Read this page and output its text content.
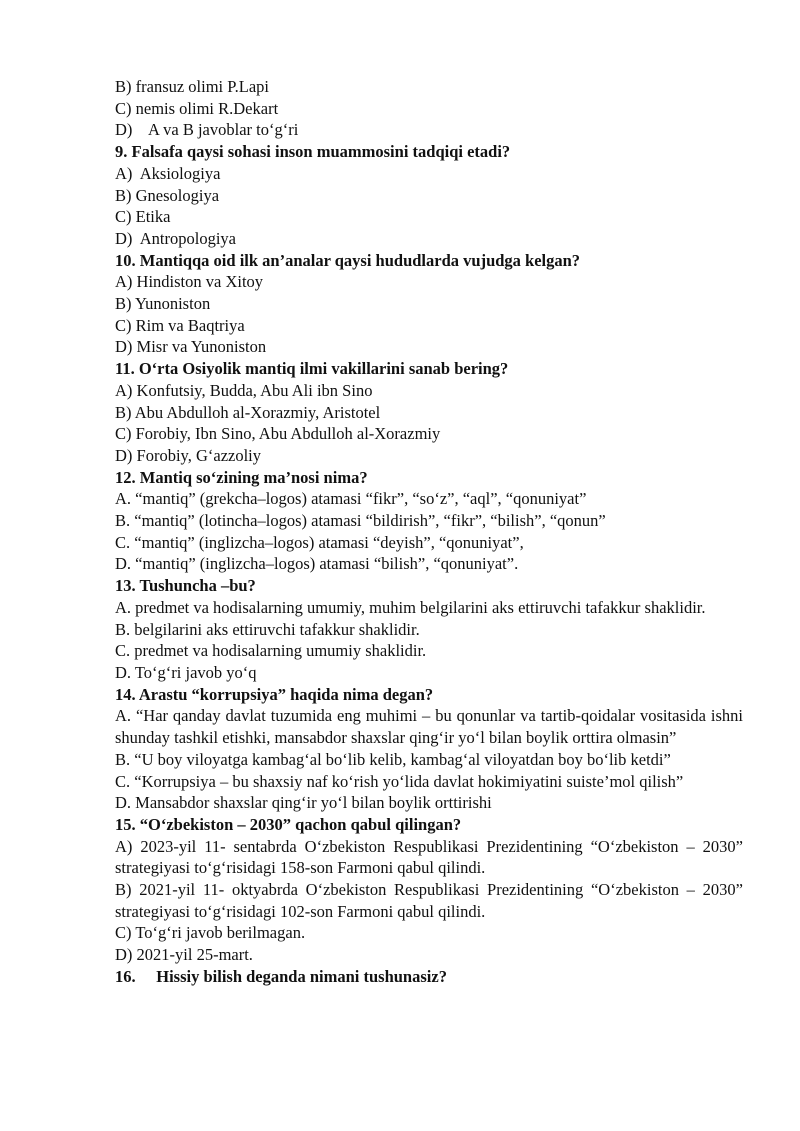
B) fransuz olimi P.Lapi
C) nemis olimi R.Dekart
D)    A va B javoblar to‘g‘ri
9. Falsafa qaysi sohasi inson muammosini tadqiqi etadi?
A)  Aksiologiya
B) Gnesologiya
C) Etika
D)  Antropologiya
10. Mantiqqa oid ilk an’analar qaysi hududlarda vujudga kelgan?
A) Hindiston va Xitoy
B) Yunoniston
C) Rim va Baqtriya
D) Misr va Yunoniston
11. O‘rta Osiyolik mantiq ilmi vakillarini sanab bering?
A) Konfutsiy, Budda, Abu Ali ibn Sino
B) Abu Abdulloh al-Xorazmiy, Aristotel
C) Forobiy, Ibn Sino, Abu Abdulloh al-Xorazmiy
D) Forobiy, G‘azzoliy
12. Mantiq so‘zining ma’nosi nima?
A. “mantiq” (grekcha–logos) atamasi “fikr”, “so‘z”, “aql”, “qonuniyat”
B. “mantiq” (lotincha–logos) atamasi “bildirish”, “fikr”, “bilish”, “qonun”
C. “mantiq” (inglizcha–logos) atamasi “deyish”, “qonuniyat”,
D. “mantiq” (inglizcha–logos) atamasi “bilish”, “qonuniyat”.
13. Tushuncha –bu?
A. predmet va hodisalarning umumiy, muhim belgilarini aks ettiruvchi tafakkur shaklidir.
B. belgilarini aks ettiruvchi tafakkur shaklidir.
C. predmet va hodisalarning umumiy shaklidir.
D. To‘g‘ri javob yo‘q
14. Arastu “korrupsiya” haqida nima degan?
A. “Har qanday davlat tuzumida eng muhimi – bu qonunlar va tartib-qoidalar vositasida ishni shunday tashkil etishki, mansabdor shaxslar qing‘ir yo‘l bilan boylik orttira olmasin”
B. “U boy viloyatga kambag‘al bo‘lib kelib, kambag‘al viloyatdan boy bo‘lib ketdi”
C. “Korrupsiya – bu shaxsiy naf ko‘rish yo‘lida davlat hokimiyatini suiste’mol qilish”
D. Mansabdor shaxslar qing‘ir yo‘l bilan boylik orttirishi
15. “O‘zbekiston – 2030” qachon qabul qilingan?
A) 2023-yil 11- sentabrda O‘zbekiston Respublikasi Prezidentining “O‘zbekiston – 2030” strategiyasi to‘g‘risidagi 158-son Farmoni qabul qilindi.
B) 2021-yil 11- oktyabrda O‘zbekiston Respublikasi Prezidentining “O‘zbekiston – 2030” strategiyasi to‘g‘risidagi 102-son Farmoni qabul qilindi.
C) To‘g‘ri javob berilmagan.
D) 2021-yil 25-mart.
16.     Hissiy bilish deganda nimani tushunasiz?
